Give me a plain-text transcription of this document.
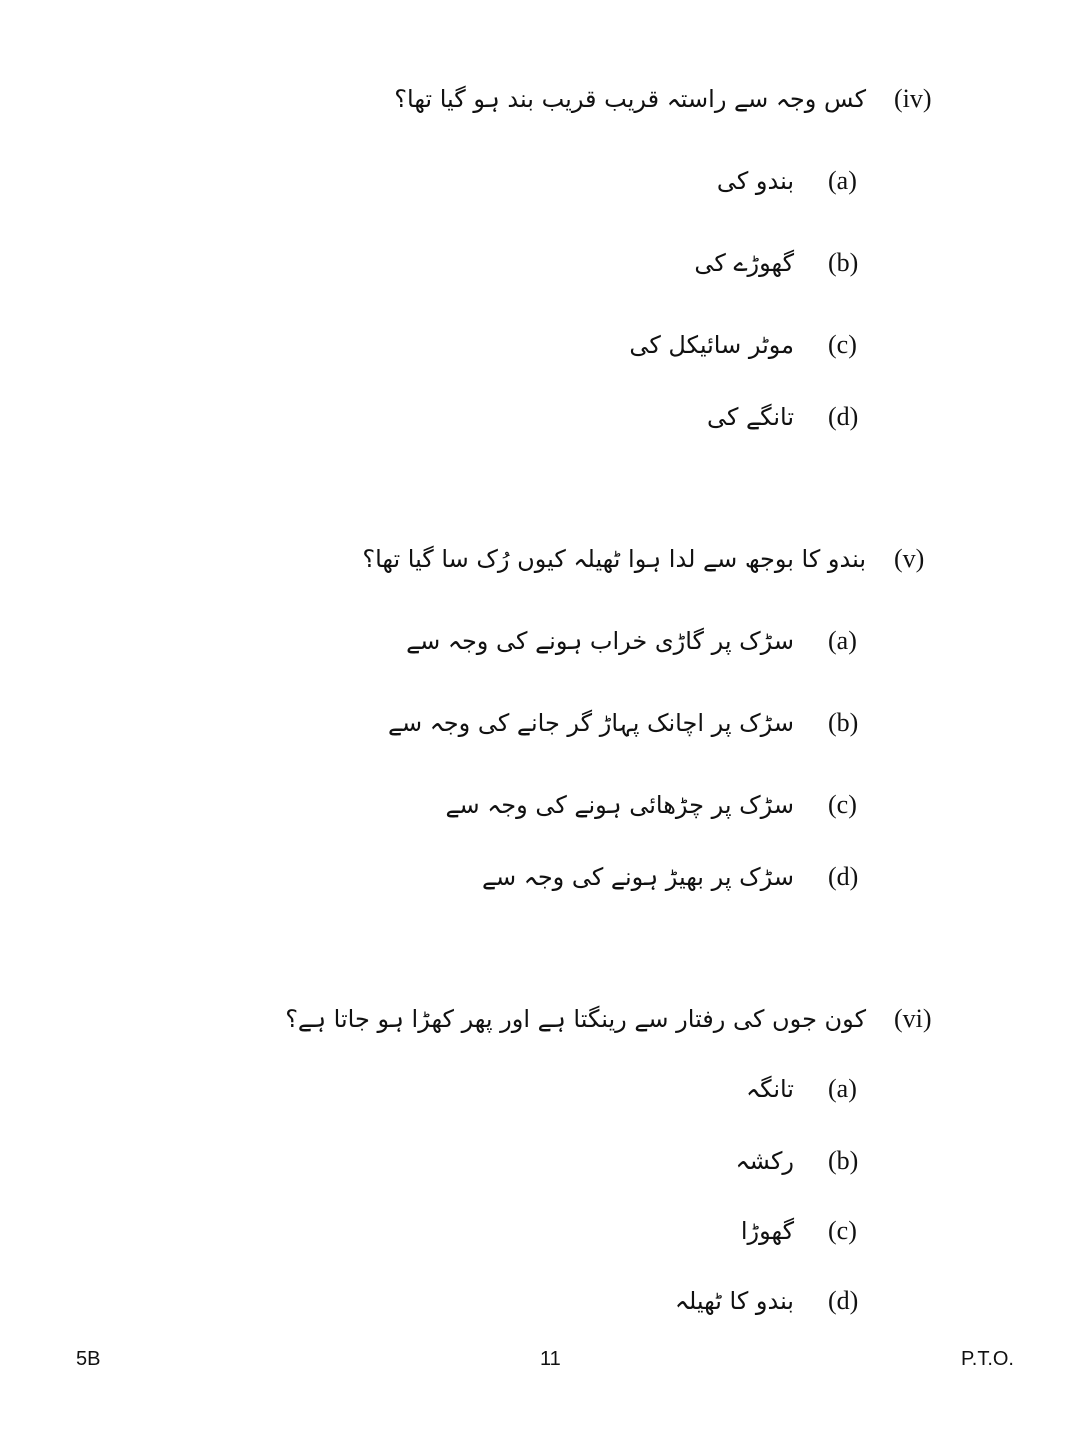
کس وجہ سے راستہ قریب قریب بند ہو گیا تھا؟ (iv)
بندو کی (a)
گھوڑے کی (b)
موٹر سائیکل کی (c)
تانگے کی (d)
بندو کا بوجھ سے لدا ہوا ٹھیلہ کیوں رُک سا گیا تھا؟ (v)
سڑک پر گاڑی خراب ہونے کی وجہ سے (a)
سڑک پر اچانک پہاڑ گر جانے کی وجہ سے (b)
سڑک پر چڑھائی ہونے کی وجہ سے (c)
سڑک پر بھیڑ ہونے کی وجہ سے (d)
کون جوں کی رفتار سے رینگتا ہے اور پھر کھڑا ہو جاتا ہے؟ (vi)
تانگہ (a)
رکشہ (b)
گھوڑا (c)
بندو کا ٹھیلہ (d)
5B	11	P.T.O.
